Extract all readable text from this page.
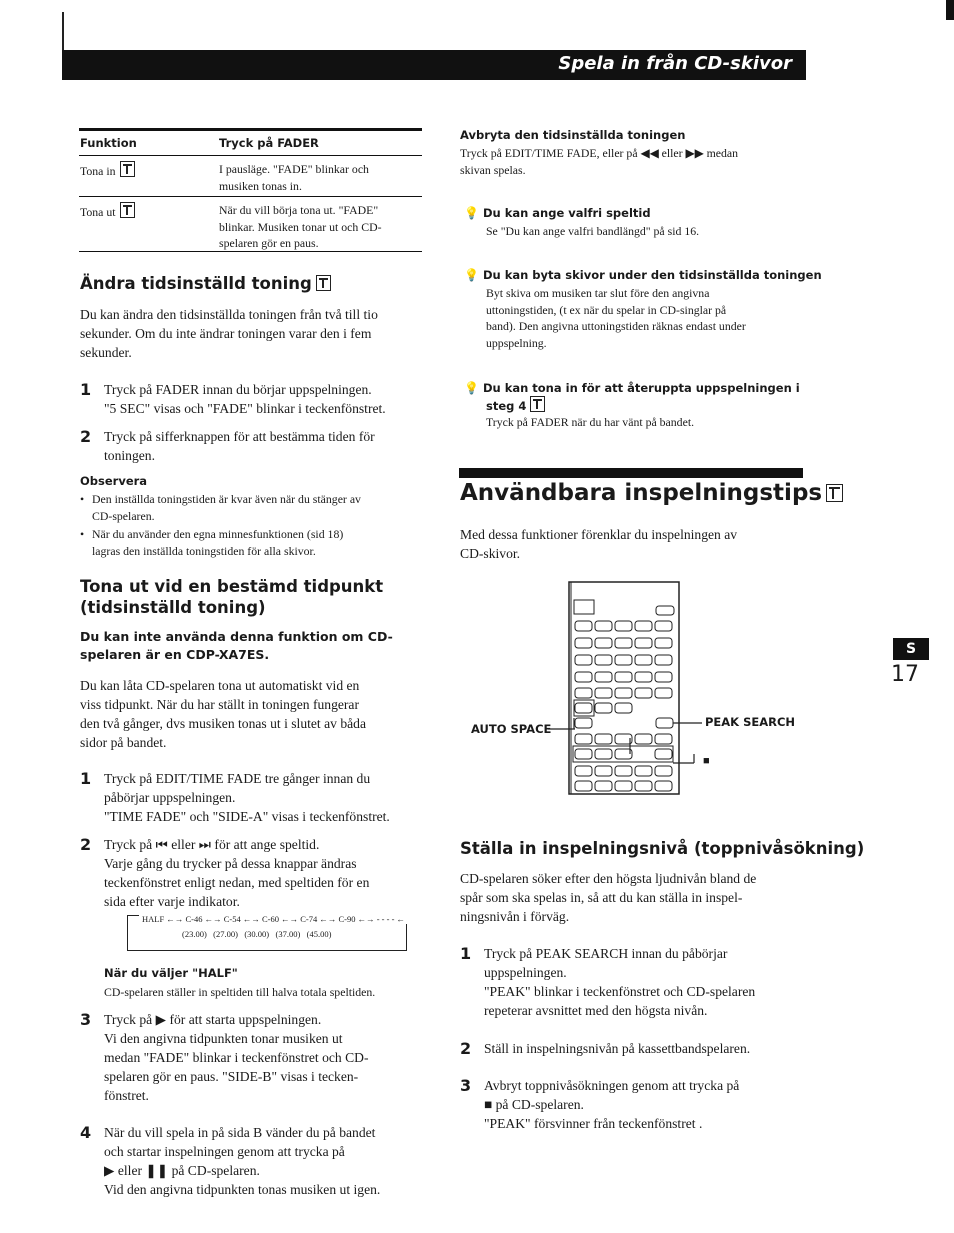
Spela in från CD-skivor
Funktion	Tryck på FADER
Tona in	I pausläge. "FADE" blinkar och
musiken tonas in.
Tona ut	När du vill börja tona ut. "FADE"
blinkar. Musiken tonar ut och CD-
spelaren gör en paus.
Ändra tidsinställd toning
Du kan ändra den tidsinställda toningen från två till tio
sekunder. Om du inte ändrar toningen varar den i fem
sekunder.
1 Tryck på FADER innan du börjar uppspelningen.
"5 SEC" visas och "FADE" blinkar i teckenfönstret.
2 Tryck på sifferknappen för att bestämma tiden för
toningen.
Observera
• Den inställda toningstiden är kvar även när du stänger av
CD-spelaren.
• När du använder den egna minnesfunktionen (sid 18)
lagras den inställda toningstiden för alla skivor.
Tona ut vid en bestämd tidpunkt
(tidsinställd toning)
Du kan inte använda denna funktion om CD-
spelaren är en CDP-XA7ES.
Du kan låta CD-spelaren tona ut automatiskt vid en
viss tidpunkt. När du har ställt in toningen fungerar
den två gånger, dvs musiken tonas ut i slutet av båda
sidor på bandet.
1 Tryck på EDIT/TIME FADE tre gånger innan du
påbörjar uppspelningen.
"TIME FADE" och "SIDE-A" visas i teckenfönstret.
2 Tryck på ⏮ eller ⏭ för att ange speltid.
Varje gång du trycker på dessa knappar ändras
teckenfönstret enligt nedan, med speltiden för en
sida efter varje indikator.
HALF ←→ C-46 ←→ C-54 ←→ C-60 ←→ C-74 ←→ C-90 ←→ - - - - ←
(23.00)   (27.00)   (30.00)   (37.00)   (45.00)
När du väljer "HALF"
CD-spelaren ställer in speltiden till halva totala speltiden.
3 Tryck på ▶ för att starta uppspelningen.
Vi den angivna tidpunkten tonar musiken ut
medan "FADE" blinkar i teckenfönstret och CD-
spelaren gör en paus. "SIDE-B" visas i tecken-
fönstret.
4 När du vill spela in på sida B vänder du på bandet
och startar inspelningen genom att trycka på
▶ eller ❚❚ på CD-spelaren.
Vid den angivna tidpunkten tonas musiken ut igen.
Avbryta den tidsinställda toningen
Tryck på EDIT/TIME FADE, eller på ◀◀ eller ▶▶ medan
skivan spelas.
💡 Du kan ange valfri speltid
Se "Du kan ange valfri bandlängd" på sid 16.
💡 Du kan byta skivor under den tidsinställda toningen
Byt skiva om musiken tar slut före den angivna
uttoningstiden, (t ex när du spelar in CD-singlar på
band). Den angivna uttoningstiden räknas endast under
uppspelning.
💡 Du kan tona in för att återuppta uppspelningen i
steg 4
Tryck på FADER när du har vänt på bandet.
Användbara inspelningstips
Med dessa funktioner förenklar du inspelningen av
CD-skivor.
AUTO SPACE	PEAK SEARCH
■
Ställa in inspelningsnivå (toppnivåsökning)
CD-spelaren söker efter den högsta ljudnivån bland de
spår som ska spelas in, så att du kan ställa in inspel-
ningsnivån i förväg.
1 Tryck på PEAK SEARCH innan du påbörjar
uppspelningen.
"PEAK" blinkar i teckenfönstret och CD-spelaren
repeterar avsnittet med den högsta nivån.
2 Ställ in inspelningsnivån på kassettbandspelaren.
3 Avbryt toppnivåsökningen genom att trycka på
■ på CD-spelaren.
"PEAK" försvinner från teckenfönstret .
S
17
